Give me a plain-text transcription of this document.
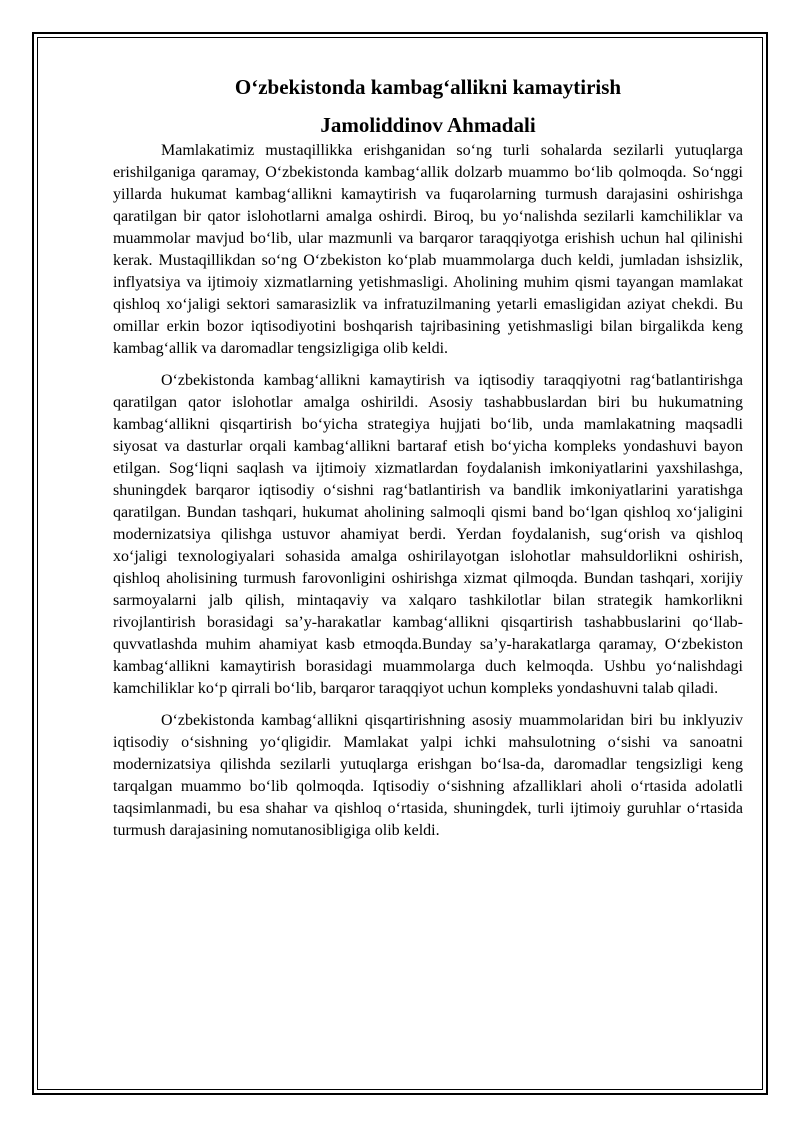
O‘zbekistonda kambag‘allikni kamaytirish
Jamoliddinov Ahmadali

Mamlakatimiz mustaqillikka erishganidan so‘ng turli sohalarda sezilarli yutuqlarga erishilganiga qaramay, O‘zbekistonda kambag‘allik dolzarb muammo bo‘lib qolmoqda. So‘nggi yillarda hukumat kambag‘allikni kamaytirish va fuqarolarning turmush darajasini oshirishga qaratilgan bir qator islohotlarni amalga oshirdi. Biroq, bu yo‘nalishda sezilarli kamchiliklar va muammolar mavjud bo‘lib, ular mazmunli va barqaror taraqqiyotga erishish uchun hal qilinishi kerak. Mustaqillikdan so‘ng O‘zbekiston ko‘plab muammolarga duch keldi, jumladan ishsizlik, inflyatsiya va ijtimoiy xizmatlarning yetishmasligi. Aholining muhim qismi tayangan mamlakat qishloq xo‘jaligi sektori samarasizlik va infratuzilmaning yetarli emasligidan aziyat chekdi. Bu omillar erkin bozor iqtisodiyotini boshqarish tajribasining yetishmasligi bilan birgalikda keng kambag‘allik va daromadlar tengsizligiga olib keldi.

O‘zbekistonda kambag‘allikni kamaytirish va iqtisodiy taraqqiyotni rag‘batlantirishga qaratilgan qator islohotlar amalga oshirildi. Asosiy tashabbuslardan biri bu hukumatning kambag‘allikni qisqartirish bo‘yicha strategiya hujjati bo‘lib, unda mamlakatning maqsadli siyosat va dasturlar orqali kambag‘allikni bartaraf etish bo‘yicha kompleks yondashuvi bayon etilgan. Sog‘liqni saqlash va ijtimoiy xizmatlardan foydalanish imkoniyatlarini yaxshilashga, shuningdek barqaror iqtisodiy o‘sishni rag‘batlantirish va bandlik imkoniyatlarini yaratishga qaratilgan. Bundan tashqari, hukumat aholining salmoqli qismi band bo‘lgan qishloq xo‘jaligini modernizatsiya qilishga ustuvor ahamiyat berdi. Yerdan foydalanish, sug‘orish va qishloq xo‘jaligi texnologiyalari sohasida amalga oshirilayotgan islohotlar mahsuldorlikni oshirish, qishloq aholisining turmush farovonligini oshirishga xizmat qilmoqda. Bundan tashqari, xorijiy sarmoyalarni jalb qilish, mintaqaviy va xalqaro tashkilotlar bilan strategik hamkorlikni rivojlantirish borasidagi sa’y-harakatlar kambag‘allikni qisqartirish tashabbuslarini qo‘llab-quvvatlashda muhim ahamiyat kasb etmoqda.Bunday sa’y-harakatlarga qaramay, O‘zbekiston kambag‘allikni kamaytirish borasidagi muammolarga duch kelmoqda. Ushbu yo‘nalishdagi kamchiliklar ko‘p qirrali bo‘lib, barqaror taraqqiyot uchun kompleks yondashuvni talab qiladi.

O‘zbekistonda kambag‘allikni qisqartirishning asosiy muammolaridan biri bu inklyuziv iqtisodiy o‘sishning yo‘qligidir. Mamlakat yalpi ichki mahsulotning o‘sishi va sanoatni modernizatsiya qilishda sezilarli yutuqlarga erishgan bo‘lsa-da, daromadlar tengsizligi keng tarqalgan muammo bo‘lib qolmoqda. Iqtisodiy o‘sishning afzalliklari aholi o‘rtasida adolatli taqsimlanmadi, bu esa shahar va qishloq o‘rtasida, shuningdek, turli ijtimoiy guruhlar o‘rtasida turmush darajasining nomutanosibligiga olib keldi.
